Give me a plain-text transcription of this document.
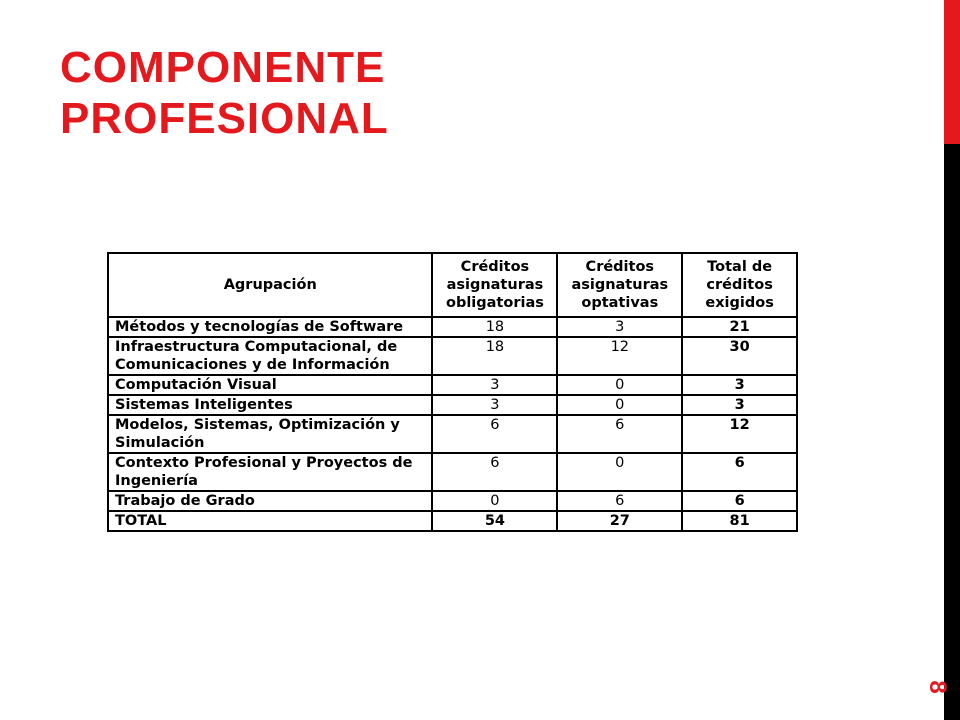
COMPONENTE
PROFESIONAL
Agrupación	Créditos asignaturas obligatorias	Créditos asignaturas optativas	Total de créditos exigidos
Métodos y tecnologías de Software	18	3	21
Infraestructura Computacional, de Comunicaciones y de Información	18	12	30
Computación Visual	3	0	3
Sistemas Inteligentes	3	0	3
Modelos, Sistemas, Optimización y Simulación	6	6	12
Contexto Profesional y Proyectos de Ingeniería	6	0	6
Trabajo de Grado	0	6	6
TOTAL	54	27	81
8
